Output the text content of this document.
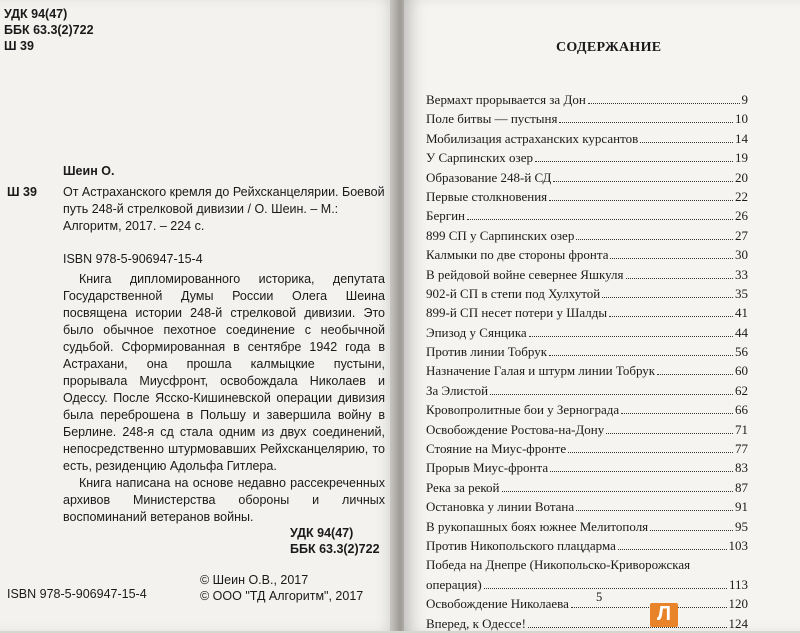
УДК 94(47)
ББК 63.3(2)722
Ш 39
Шеин О.
Ш 39 От Астраханского кремля до Рейхсканцелярии. Боевой путь 248-й стрелковой дивизии / О. Шеин. – М.: Алгоритм, 2017. – 224 с.
ISBN 978-5-906947-15-4

Книга дипломированного историка, депутата Государственной Думы России Олега Шеина посвящена истории 248-й стрелковой дивизии. Это было обычное пехотное соединение с необычной судьбой. Сформированная в сентябре 1942 года в Астрахани, она прошла калмыцкие пустыни, прорывала Миусфронт, освобождала Николаев и Одессу. После Ясско-Кишиневской операции дивизия была переброшена в Польшу и завершила войну в Берлине. 248-я сд стала одним из двух соединений, непосредственно штурмовавших Рейхсканцелярию, то есть, резиденцию Адольфа Гитлера.

Книга написана на основе недавно рассекреченных архивов Министерства обороны и личных воспоминаний ветеранов войны.

УДК 94(47)
ББК 63.3(2)722
© Шеин О.В., 2017
© ООО "ТД Алгоритм", 2017
ISBN 978-5-906947-15-4
СОДЕРЖАНИЕ
Вермахт прорывается за Дон	9
Поле битвы — пустыня	10
Мобилизация астраханских курсантов	14
У Сарпинских озер	19
Образование 248-й СД	20
Первые столкновения	22
Бергин	26
899 СП у Сарпинских озер	27
Калмыки по две стороны фронта	30
В рейдовой войне севернее Яшкуля	33
902-й СП в степи под Хулхутой	35
899-й СП несет потери у Шалды	41
Эпизод у Сянцика	44
Против линии Тобрук	56
Назначение Галая и штурм линии Тобрук	60
За Элистой	62
Кровопролитные бои у Зернограда	66
Освобождение Ростова-на-Дону	71
Стояние на Миус-фронте	77
Прорыв Миус-фронта	83
Река за рекой	87
Остановка у линии Вотана	91
В рукопашных боях южнее Мелитополя	95
Против Никопольского плацдарма	103
Победа на Днепре (Никопольско-Криворожская
операция)	113
Освобождение Николаева	120
Вперед, к Одессе!	124
5
Л
